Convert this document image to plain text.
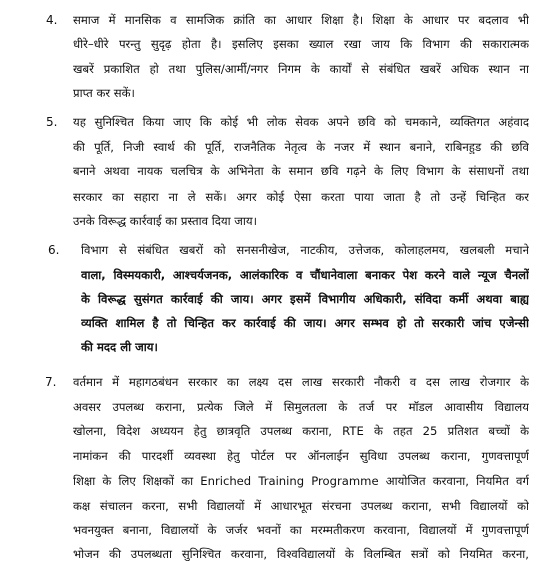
4. समाज में मानसिक व सामजिक क्रांति का आधार शिक्षा है। शिक्षा के आधार पर बदलाव भी
धीरे–धीरे परन्तु सुदृढ़ होता है। इसलिए इसका ख्याल रखा जाय कि विभाग की सकारात्मक
खबरें प्रकाशित हो तथा पुलिस/आर्मी/नगर निगम के कार्यों से संबंधित खबरें अधिक स्थान ना
प्राप्त कर सकें।
5. यह सुनिश्चित किया जाए कि कोई भी लोक सेवक अपने छवि को चमकाने, व्यक्तिगत अहंवाद
की पूर्ति, निजी स्वार्थ की पूर्ति, राजनैतिक नेतृत्व के नजर में स्थान बनाने, राबिनहुड की छवि
बनाने अथवा नायक चलचित्र के अभिनेता के समान छवि गढ़ने के लिए विभाग के संसाधनों तथा
सरकार का सहारा ना ले सकें। अगर कोई ऐसा करता पाया जाता है तो उन्हें चिन्हित कर
उनके विरूद्ध कार्रवाई का प्रस्ताव दिया जाय।
6. विभाग से संबंधित खबरों को सनसनीखेज, नाटकीय, उत्तेजक, कोलाहलमय, खलबली मचाने
वाला, विस्मयकारी, आश्चर्यजनक, आलंकारिक व चौंधानेवाला बनाकर पेश करने वाले न्यूज चैनलों
के विरूद्ध सुसंगत कार्रवाई की जाय। अगर इसमें विभागीय अधिकारी, संविदा कर्मी अथवा बाह्य
व्यक्ति शामिल है तो चिन्हित कर कार्रवाई की जाय। अगर सम्भव हो तो सरकारी जांच एजेन्सी
की मदद ली जाय।
7. वर्तमान में महागठबंधन सरकार का लक्ष्य दस लाख सरकारी नौकरी व दस लाख रोजगार के
अवसर उपलब्ध कराना, प्रत्येक जिले में सिमुलतला के तर्ज पर मॉडल आवासीय विद्यालय
खोलना, विदेश अध्ययन हेतु छात्रवृति उपलब्ध कराना, RTE के तहत 25 प्रतिशत बच्चों के
नामांकन की पारदर्शी व्यवस्था हेतु पोर्टल पर ऑनलाईन सुविधा उपलब्ध कराना, गुणवत्तापूर्ण
शिक्षा के लिए शिक्षकों का Enriched Training Programme आयोजित करवाना, नियमित वर्ग
कक्ष संचालन करना, सभी विद्यालयों में आधारभूत संरचना उपलब्ध कराना, सभी विद्यालयों को
भवनयुक्त बनाना, विद्यालयों के जर्जर भवनों का मरम्मतीकरण करवाना, विद्यालयों में गुणवत्तापूर्ण
भोजन की उपलब्धता सुनिश्चित करवाना, विश्वविद्यालयों के विलम्बित सत्रों को नियमित करना,
